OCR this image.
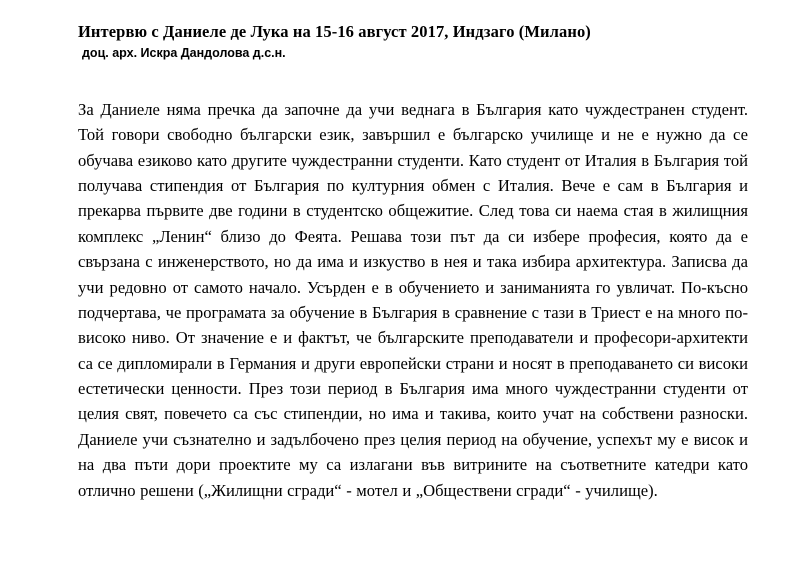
Интервю с Даниеле де Лука на 15-16 август 2017, Индзаго (Милано)
доц. арх. Искра Дандолова д.с.н.

За Даниеле няма пречка да започне да учи веднага в България като чуждестранен студент. Той говори свободно български език, завършил е българско училище и не е нужно да се обучава езиково като другите чуждестранни студенти. Като студент от Италия в България той получава стипендия от България по културния обмен с Италия. Вече е сам в България и прекарва първите две години в студентско общежитие. След това си наема стая в жилищния комплекс „Ленин“ близо до Феята. Решава този път да си избере професия, която да е свързана с инженерството, но да има и изкуство в нея и така избира архитектура. Записва да учи редовно от самото начало. Усърден е в обучението и заниманията го увличат. По-късно подчертава, че програмата за обучение в България в сравнение с тази в Триест е на много по-високо ниво. От значение е и фактът, че българските преподаватели и професори-архитекти са се дипломирали в Германия и други европейски страни и носят в преподаването си високи естетически ценности. През този период в България има много чуждестранни студенти от целия свят, повечето са със стипендии, но има и такива, които учат на собствени разноски. Даниеле учи съзнателно и задълбочено през целия период на обучение, успехът му е висок и на два пъти дори проектите му са излагани във витрините на съответните катедри като отлично решени („Жилищни сгради“ - мотел и „Обществени сгради“ - училище).
